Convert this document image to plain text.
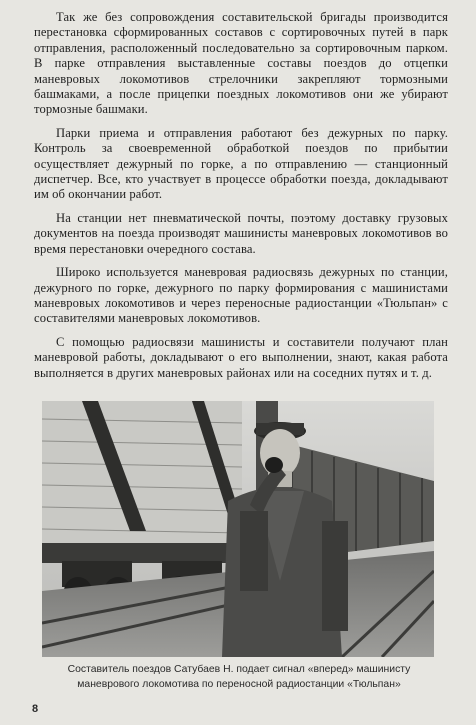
Так же без сопровождения составительской бригады производится перестановка сформированных составов с сортировочных путей в парк отправления, расположенный последовательно за сортировочным парком. В парке отправления выставленные составы поездов до отцепки маневровых локомотивов стрелочники закрепляют тормозными башмаками, а после прицепки поездных локомотивов они же убирают тормозные башмаки.

Парки приема и отправления работают без дежурных по парку. Контроль за своевременной обработкой поездов по прибытии осуществляет дежурный по горке, а по отправлению — станционный диспетчер. Все, кто участвует в процессе обработки поезда, докладывают им об окончании работ.

На станции нет пневматической почты, поэтому доставку грузовых документов на поезда производят машинисты маневровых локомотивов во время перестановки очередного состава.

Широко используется маневровая радиосвязь дежурных по станции, дежурного по горке, дежурного по парку формирования с машинистами маневровых локомотивов и через переносные радиостанции «Тюльпан» с составителями маневровых локомотивов.

С помощью радиосвязи машинисты и составители получают план маневровой работы, докладывают о его выполнении, знают, какая работа выполняется в других маневровых районах или на соседних путях и т. д.

Составитель поездов Сатубаев Н. подает сигнал «вперед» машинисту
маневрового локомотива по переносной радиостанции «Тюльпан»
8
